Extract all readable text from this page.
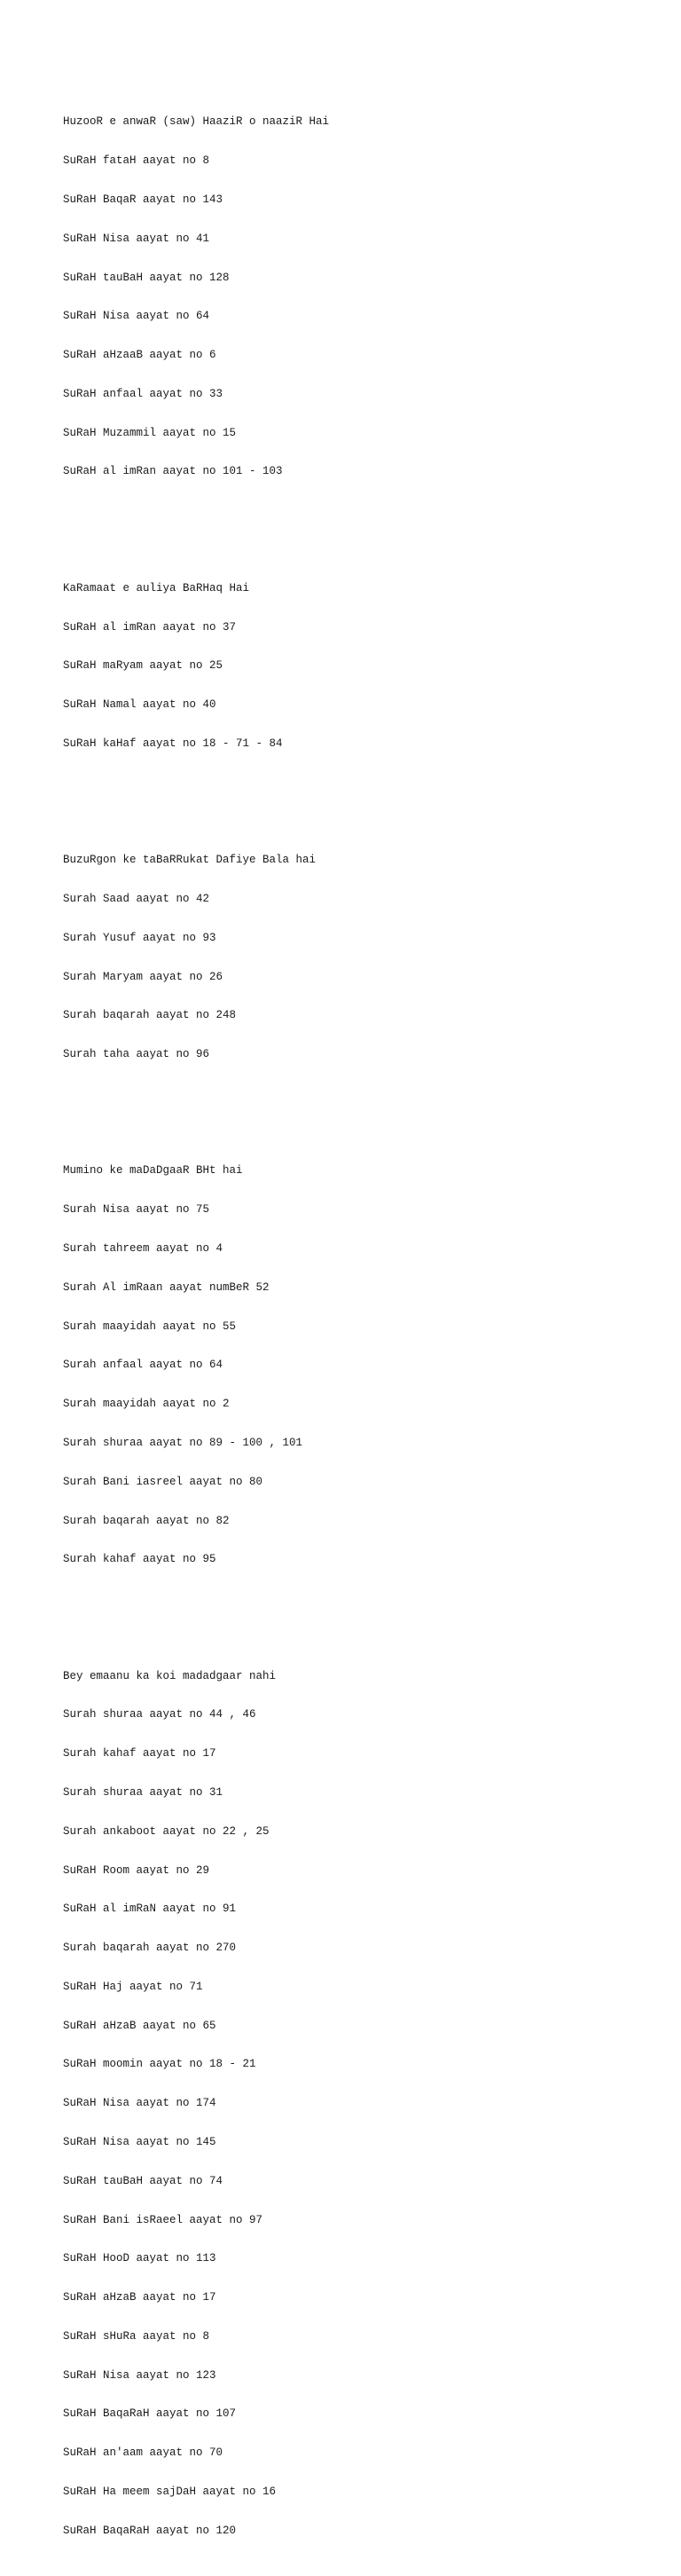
HuzooR e anwaR (saw) HaaziR o naaziR Hai

SuRaH fataH aayat no 8

SuRaH BaqaR aayat no 143

SuRaH Nisa aayat no 41

SuRaH tauBaH aayat no 128

SuRaH Nisa aayat no 64

SuRaH aHzaaB aayat no 6

SuRaH anfaal aayat no 33

SuRaH Muzammil aayat no 15

SuRaH al imRan aayat no 101 - 103

KaRamaat e auliya BaRHaq Hai

SuRaH al imRan aayat no 37

SuRaH maRyam aayat no 25

SuRaH Namal aayat no 40

SuRaH kaHaf aayat no 18 - 71 - 84

BuzuRgon ke taBaRRukat Dafiye Bala hai

Surah Saad aayat no 42

Surah Yusuf aayat no 93

Surah Maryam aayat no 26

Surah baqarah aayat no 248

Surah taha aayat no 96

Mumino ke maDaDgaaR BHt hai

Surah Nisa aayat no 75

Surah tahreem aayat no 4

Surah Al imRaan aayat numBeR 52

Surah maayidah aayat no 55

Surah anfaal aayat no 64

Surah maayidah aayat no 2

Surah shuraa aayat no 89 - 100 , 101

Surah Bani iasreel aayat no 80

Surah baqarah aayat no 82

Surah kahaf aayat no 95

Bey emaanu ka koi madadgaar nahi

Surah shuraa aayat no 44 , 46

Surah kahaf aayat no 17

Surah shuraa aayat no 31

Surah ankaboot aayat no 22 , 25

SuRaH Room aayat no 29

SuRaH al imRaN aayat no 91

Surah baqarah aayat no 270

SuRaH Haj aayat no 71

SuRaH aHzaB aayat no 65

SuRaH moomin aayat no 18 - 21

SuRaH Nisa aayat no 174

SuRaH Nisa aayat no 145

SuRaH tauBaH aayat no 74

SuRaH Bani isRaeel aayat no 97

SuRaH HooD aayat no 113

SuRaH aHzaB aayat no 17

SuRaH sHuRa aayat no 8

SuRaH Nisa aayat no 123

SuRaH BaqaRaH aayat no 107

SuRaH an'aam aayat no 70

SuRaH Ha meem sajDaH aayat no 16

SuRaH BaqaRaH aayat no 120
